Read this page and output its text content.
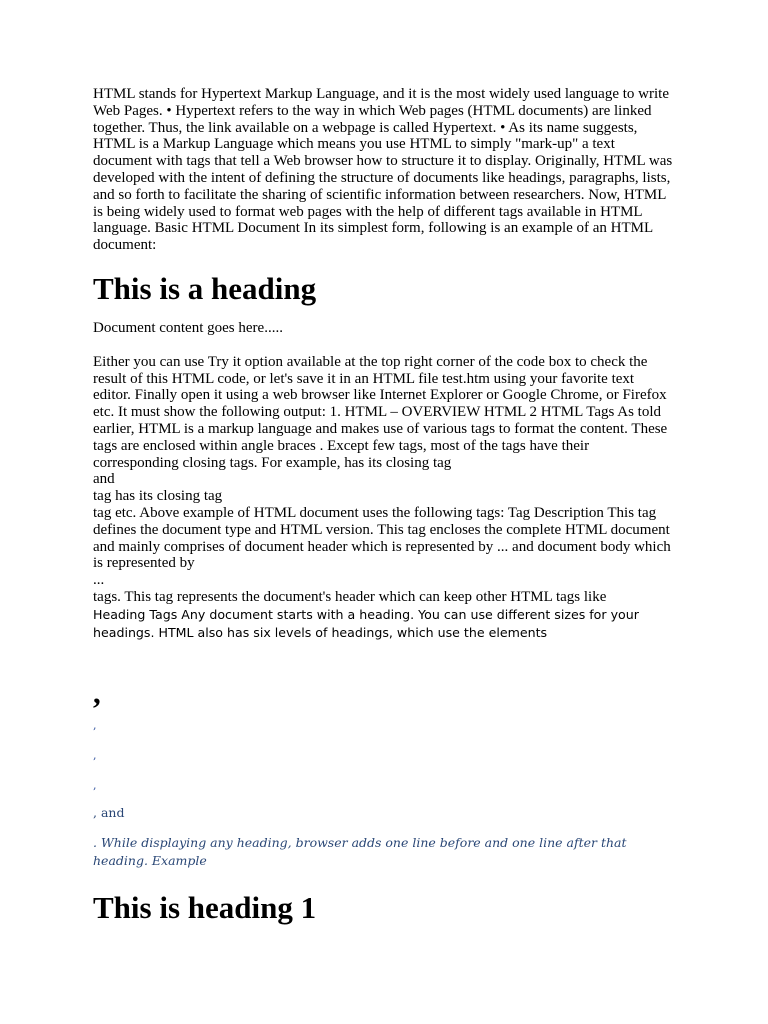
HTML stands for Hypertext Markup Language, and it is the most widely used language to write Web Pages. • Hypertext refers to the way in which Web pages (HTML documents) are linked together. Thus, the link available on a webpage is called Hypertext. • As its name suggests, HTML is a Markup Language which means you use HTML to simply "mark-up" a text document with tags that tell a Web browser how to structure it to display. Originally, HTML was developed with the intent of defining the structure of documents like headings, paragraphs, lists, and so forth to facilitate the sharing of scientific information between researchers. Now, HTML is being widely used to format web pages with the help of different tags available in HTML language. Basic HTML Document In its simplest form, following is an example of an HTML document:

This is a heading

Document content goes here.....

Either you can use Try it option available at the top right corner of the code box to check the result of this HTML code, or let's save it in an HTML file test.htm using your favorite text editor. Finally open it using a web browser like Internet Explorer or Google Chrome, or Firefox etc. It must show the following output: 1. HTML – OVERVIEW HTML 2 HTML Tags As told earlier, HTML is a markup language and makes use of various tags to format the content. These tags are enclosed within angle braces . Except few tags, most of the tags have their corresponding closing tags. For example, has its closing tag

and

tag has its closing tag

tag etc. Above example of HTML document uses the following tags: Tag Description This tag defines the document type and HTML version. This tag encloses the complete HTML document and mainly comprises of document header which is represented by ... and document body which is represented by

...

tags. This tag represents the document's header which can keep other HTML tags like

Heading Tags Any document starts with a heading. You can use different sizes for your headings. HTML also has six levels of headings, which use the elements

,

,

,

,

, and

. While displaying any heading, browser adds one line before and one line after that heading. Example

This is heading 1
